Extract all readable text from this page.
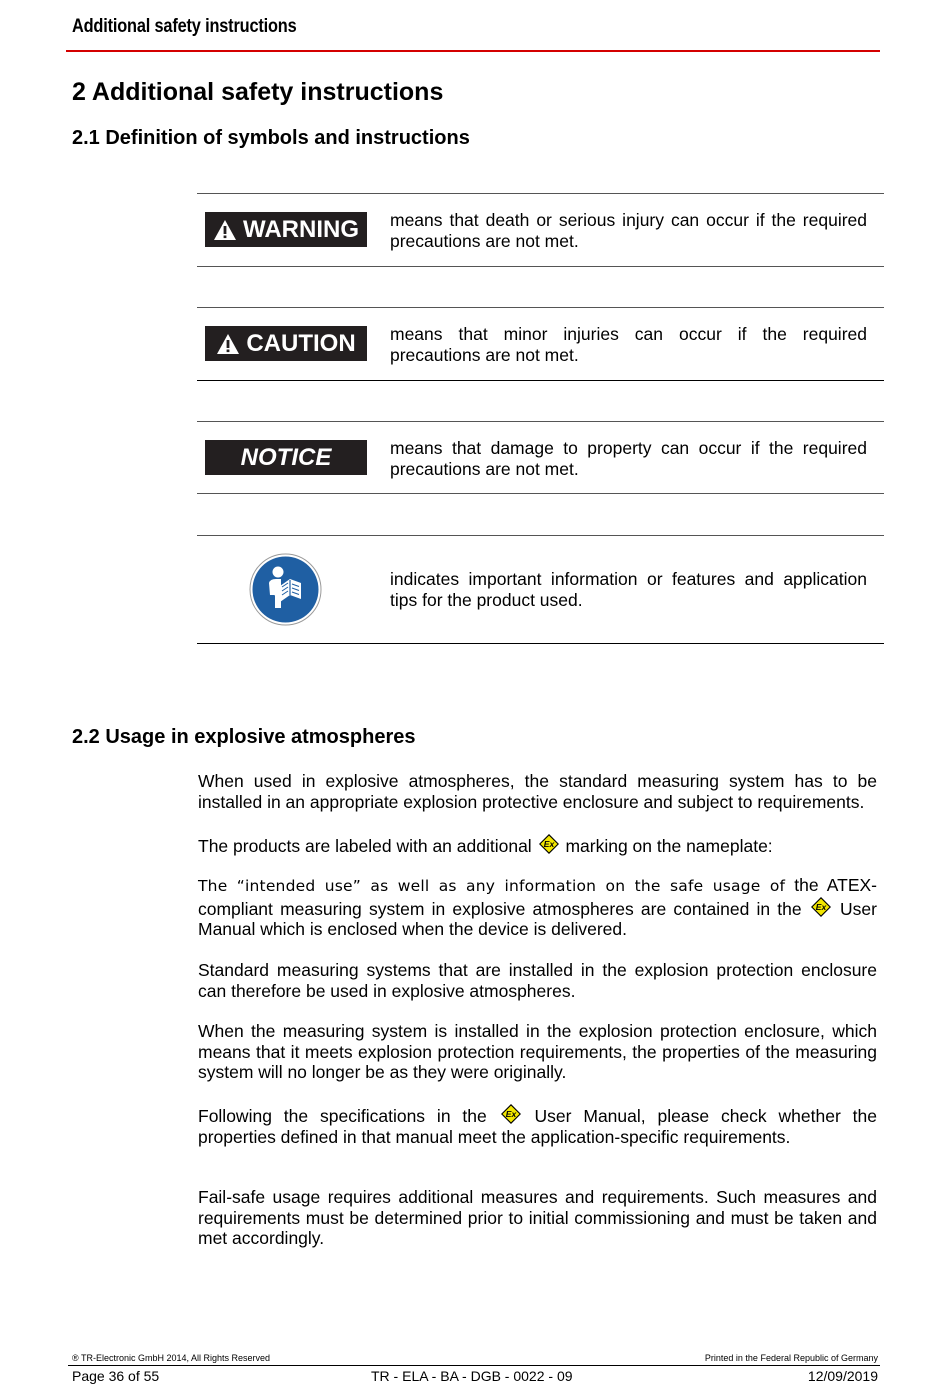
Additional safety instructions
2 Additional safety instructions
2.1 Definition of symbols and instructions
WARNING means that death or serious injury can occur if the required precautions are not met.
CAUTION means that minor injuries can occur if the required precautions are not met.
NOTICE	means that damage to property can occur if the required precautions are not met.
indicates important information or features and application tips for the product used.
2.2 Usage in explosive atmospheres
When used in explosive atmospheres, the standard measuring system has to be installed in an appropriate explosion protective enclosure and subject to requirements.
The products are labeled with an additional Ex marking on the nameplate:
The “intended use” as well as any information on the safe usage of the ATEX-
compliant measuring system in explosive atmospheres are contained in the Ex User
Manual which is enclosed when the device is delivered.
Standard measuring systems that are installed in the explosion protection enclosure can therefore be used in explosive atmospheres.
When the measuring system is installed in the explosion protection enclosure, which means that it meets explosion protection requirements, the properties of the measuring system will no longer be as they were originally.
Following the specifications in the Ex User Manual, please check whether the
properties defined in that manual meet the application-specific requirements.
Fail-safe usage requires additional measures and requirements. Such measures and requirements must be determined prior to initial commissioning and must be taken and met accordingly.
® TR-Electronic GmbH 2014, All Rights Reserved	Printed in the Federal Republic of Germany
Page 36 of 55	TR - ELA - BA - DGB - 0022 - 09	12/09/2019
